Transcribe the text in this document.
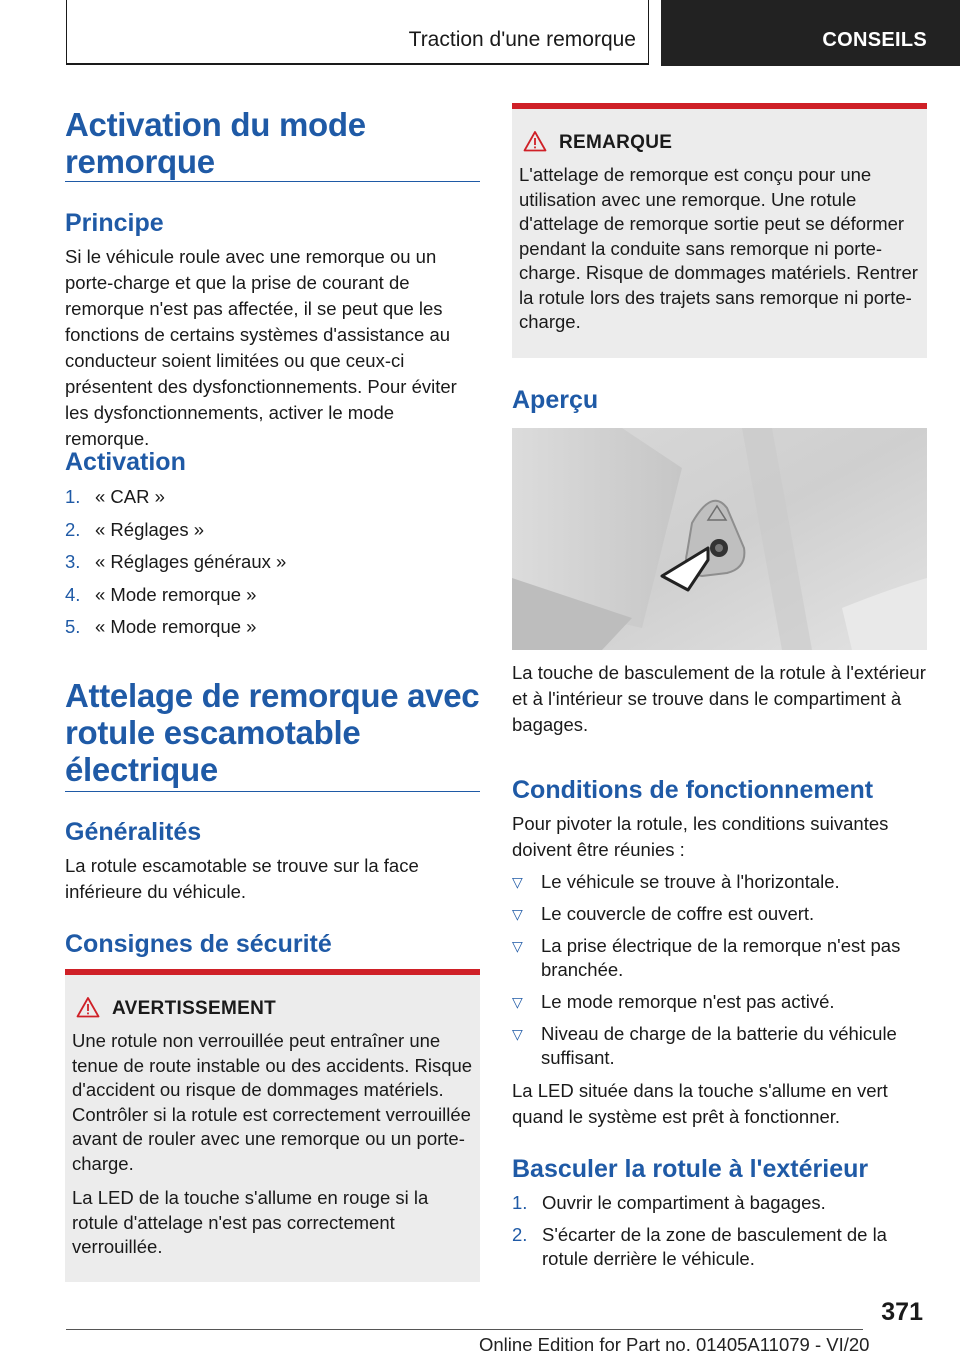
Traction d'une remorque	CONSEILS
Activation du mode remorque
Principe
Si le véhicule roule avec une remorque ou un porte-charge et que la prise de courant de remorque n'est pas affectée, il se peut que les fonctions de certains systèmes d'assistance au conducteur soient limitées ou que ceux-ci présentent des dysfonctionnements. Pour éviter les dysfonctionnements, activer le mode remorque.
Activation
1. « CAR »
2. « Réglages »
3. « Réglages généraux »
4. « Mode remorque »
5. « Mode remorque »
Attelage de remorque avec rotule escamotable électrique
Généralités
La rotule escamotable se trouve sur la face inférieure du véhicule.
Consignes de sécurité
AVERTISSEMENT
Une rotule non verrouillée peut entraîner une tenue de route instable ou des accidents. Risque d'accident ou risque de dommages matériels. Contrôler si la rotule est correctement verrouillée avant de rouler avec une remorque ou un porte-charge.
La LED de la touche s'allume en rouge si la rotule d'attelage n'est pas correctement verrouillée.
REMARQUE
L'attelage de remorque est conçu pour une utilisation avec une remorque. Une rotule d'attelage de remorque sortie peut se déformer pendant la conduite sans remorque ni porte-charge. Risque de dommages matériels. Rentrer la rotule lors des trajets sans remorque ni porte-charge.
Aperçu
La touche de basculement de la rotule à l'extérieur et à l'intérieur se trouve dans le compartiment à bagages.
Conditions de fonctionnement
Pour pivoter la rotule, les conditions suivantes doivent être réunies :
▽ Le véhicule se trouve à l'horizontale.
▽ Le couvercle de coffre est ouvert.
▽ La prise électrique de la remorque n'est pas branchée.
▽ Le mode remorque n'est pas activé.
▽ Niveau de charge de la batterie du véhicule suffisant.
La LED située dans la touche s'allume en vert quand le système est prêt à fonctionner.
Basculer la rotule à l'extérieur
1. Ouvrir le compartiment à bagages.
2. S'écarter de la zone de basculement de la rotule derrière le véhicule.
371
Online Edition for Part no. 01405A11079 - VI/20
